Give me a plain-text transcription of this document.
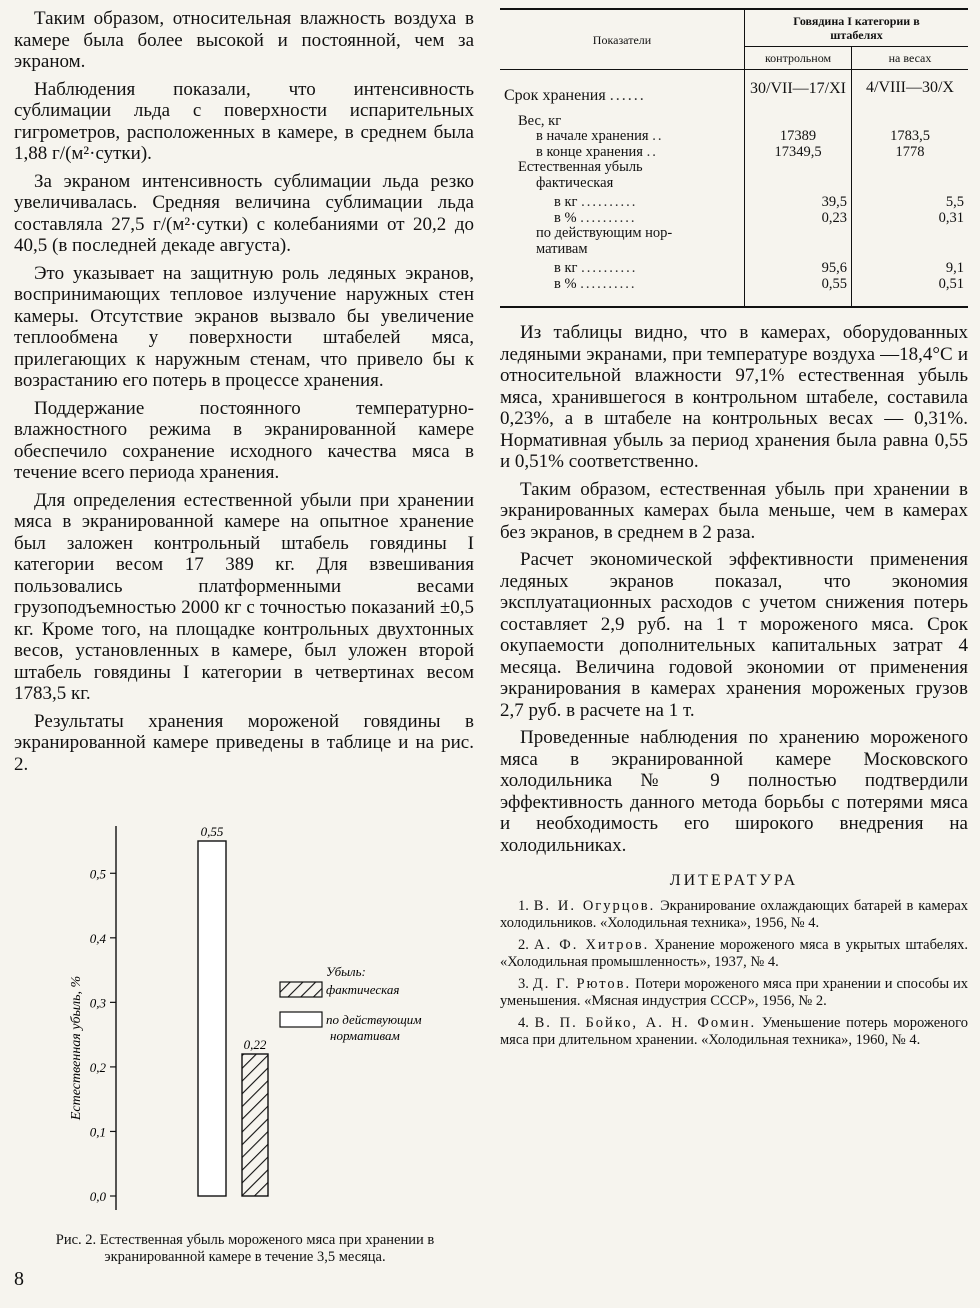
Таким образом, относительная влажность воздуха в камере была более высокой и постоянной, чем за экраном.

Наблюдения показали, что интенсивность сублимации льда с поверхности испарительных гигрометров, расположенных в камере, в среднем была 1,88 г/(м²·сутки).

За экраном интенсивность сублимации льда резко увеличивалась. Средняя величина сублимации льда составляла 27,5 г/(м²·сутки) с колебаниями от 20,2 до 40,5 (в последней декаде августа).

Это указывает на защитную роль ледяных экранов, воспринимающих тепловое излучение наружных стен камеры. Отсутствие экранов вызвало бы увеличение теплообмена у поверхности штабелей мяса, прилегающих к наружным стенам, что привело бы к возрастанию его потерь в процессе хранения.

Поддержание постоянного температурно-влажностного режима в экранированной камере обеспечило сохранение исходного качества мяса в течение всего периода хранения.

Для определения естественной убыли при хранении мяса в экранированной камере на опытное хранение был заложен контрольный штабель говядины I категории весом 17 389 кг. Для взвешивания пользовались платформенными весами грузоподъемностью 2000 кг с точностью показаний ±0,5 кг. Кроме того, на площадке контрольных двухтонных весов, установленных в камере, был уложен второй штабель говядины I категории в четвертинах весом 1783,5 кг.

Результаты хранения мороженой говядины в экранированной камере приведены в таблице и на рис. 2.

Естественная убыль, %
0,0
0,1
0,2
0,3
0,4
0,5
0,55
0,22
Убыль:
фактическая
по действующим нормативам
Рис. 2. Естественная убыль мороженого мяса при хранении в экранированной камере в течение 3,5 месяца.
Показатели	Говядина I категории в штабелях	
	контрольном	на весах
Срок хранения ......	30/VII—17/XI	4/VIII—30/X
Вес, кг		
в начале хранения ..	17389	1783,5
в конце хранения ..	17349,5	1778
Естественная убыль		
фактическая		
в кг ..........	39,5	5,5
в % ..........	0,23	0,31
по действующим нор-		
мативам		
в кг ..........	95,6	9,1
в % ..........	0,55	0,51

Из таблицы видно, что в камерах, оборудованных ледяными экранами, при температуре воздуха —18,4°С и относительной влажности 97,1% естественная убыль мяса, хранившегося в контрольном штабеле, составила 0,23%, а в штабеле на контрольных весах — 0,31%. Нормативная убыль за период хранения была равна 0,55 и 0,51% соответственно.

Таким образом, естественная убыль при хранении в экранированных камерах была меньше, чем в камерах без экранов, в среднем в 2 раза.

Расчет экономической эффективности применения ледяных экранов показал, что экономия эксплуатационных расходов с учетом снижения потерь составляет 2,9 руб. на 1 т мороженого мяса. Срок окупаемости дополнительных капитальных затрат 4 месяца. Величина годовой экономии от применения экранирования в камерах хранения мороженых грузов 2,7 руб. в расчете на 1 т.

Проведенные наблюдения по хранению мороженого мяса в экранированной камере Московского холодильника № 9 полностью подтвердили эффективность данного метода борьбы с потерями мяса и необходимость его широкого внедрения на холодильниках.

ЛИТЕРАТУРА

1. В. И. Огурцов. Экранирование охлаждающих батарей в камерах холодильников. «Холодильная техника», 1956, № 4.

2. А. Ф. Хитров. Хранение мороженого мяса в укрытых штабелях. «Холодильная промышленность», 1937, № 4.

3. Д. Г. Рютов. Потери мороженого мяса при хранении и способы их уменьшения. «Мясная индустрия СССР», 1956, № 2.

4. В. П. Бойко, А. Н. Фомин. Уменьшение потерь мороженого мяса при длительном хранении. «Холодильная техника», 1960, № 4.

8
